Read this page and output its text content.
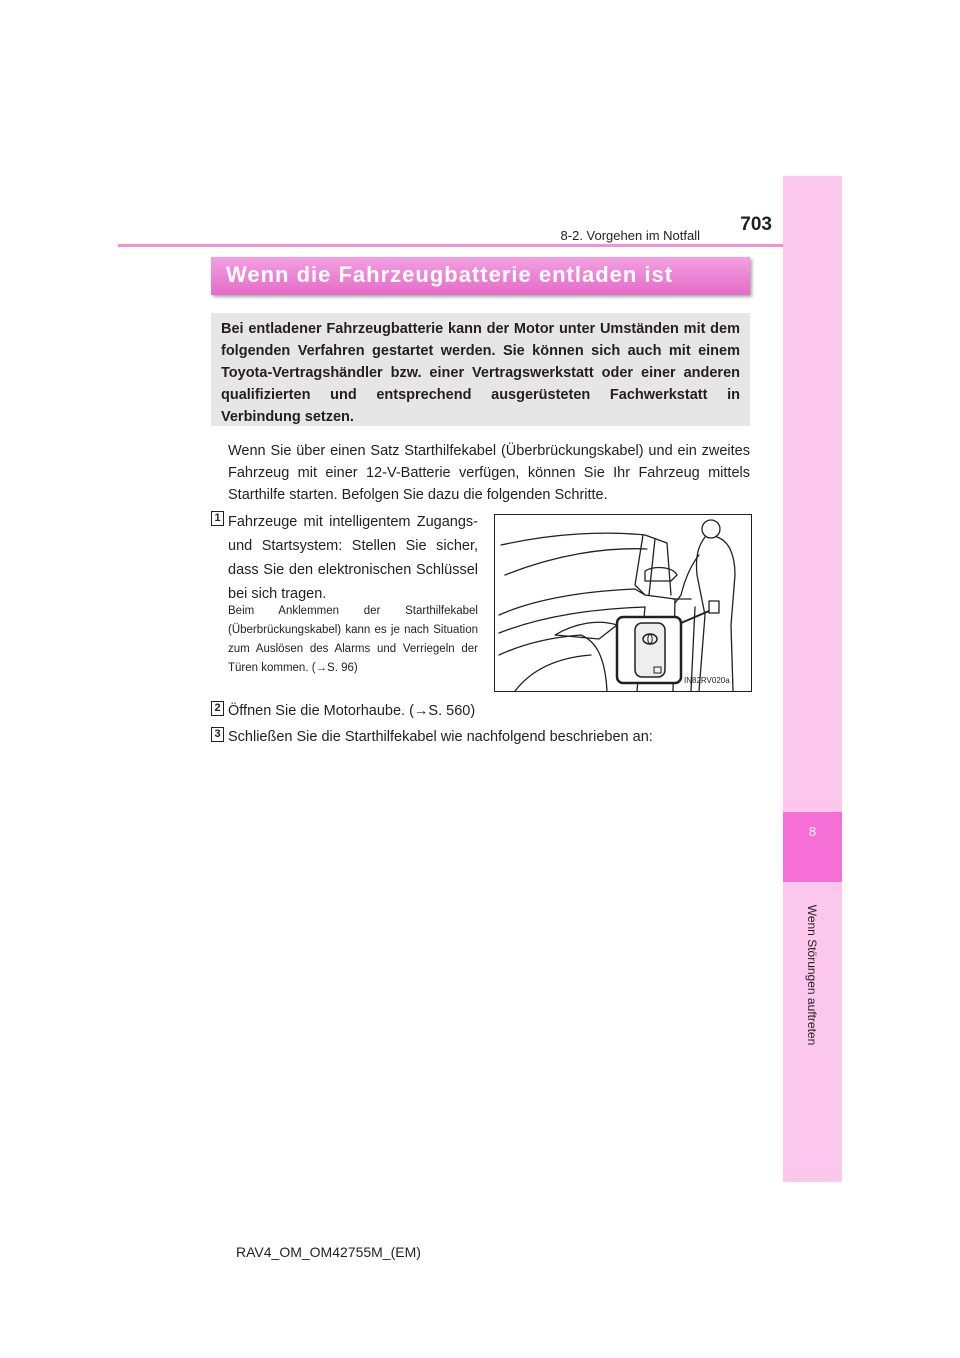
8
Wenn Störungen auftreten
8-2. Vorgehen im Notfall
703
Wenn die Fahrzeugbatterie entladen ist
Bei entladener Fahrzeugbatterie kann der Motor unter Umständen mit dem folgenden Verfahren gestartet werden. Sie können sich auch mit einem Toyota-Vertragshändler bzw. einer Vertragswerkstatt oder einer anderen qualifizierten und entsprechend ausgerüsteten Fachwerkstatt in Verbindung setzen.
Wenn Sie über einen Satz Starthilfekabel (Überbrückungskabel) und ein zweites Fahrzeug mit einer 12-V-Batterie verfügen, können Sie Ihr Fahrzeug mittels Starthilfe starten. Befolgen Sie dazu die folgenden Schritte.
1 Fahrzeuge mit intelligentem Zugangs- und Startsystem: Stellen Sie sicher, dass Sie den elektronischen Schlüssel bei sich tragen.
Beim Anklemmen der Starthilfekabel (Überbrückungskabel) kann es je nach Situation zum Auslösen des Alarms und Verriegeln der Türen kommen. (→S. 96)
IN82RV020a
2 Öffnen Sie die Motorhaube. (→S. 560)
3 Schließen Sie die Starthilfekabel wie nachfolgend beschrieben an:
RAV4_OM_OM42755M_(EM)
